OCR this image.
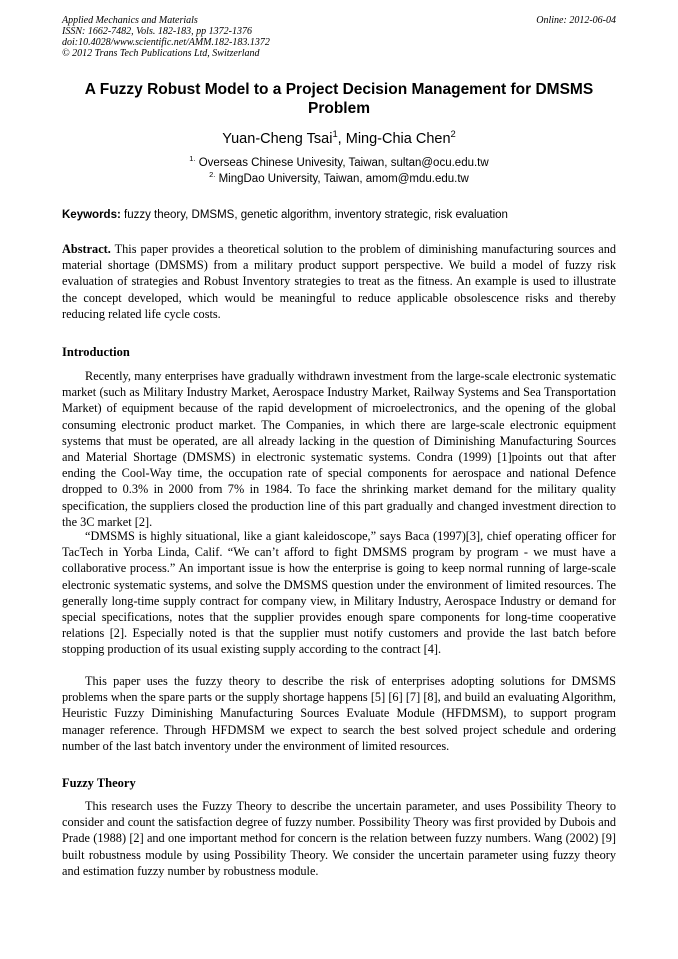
Applied Mechanics and Materials
ISSN: 1662-7482, Vols. 182-183, pp 1372-1376
doi:10.4028/www.scientific.net/AMM.182-183.1372
© 2012 Trans Tech Publications Ltd, Switzerland
Online: 2012-06-04
A Fuzzy Robust Model to a Project Decision Management for DMSMS Problem
Yuan-Cheng Tsai$^1$, Ming-Chia Chen$^2$
$^{1.}$ Overseas Chinese Univesity, Taiwan, sultan@ocu.edu.tw
$^{2.}$ MingDao University, Taiwan, amom@mdu.edu.tw
Keywords: fuzzy theory, DMSMS, genetic algorithm, inventory strategic, risk evaluation
Abstract. This paper provides a theoretical solution to the problem of diminishing manufacturing sources and material shortage (DMSMS) from a military product support perspective. We build a model of fuzzy risk evaluation of strategies and Robust Inventory strategies to treat as the fitness. An example is used to illustrate the concept developed, which would be meaningful to reduce applicable obsolescence risks and thereby reducing related life cycle costs.
Introduction
Recently, many enterprises have gradually withdrawn investment from the large-scale electronic systematic market (such as Military Industry Market, Aerospace Industry Market, Railway Systems and Sea Transportation Market) of equipment because of the rapid development of microelectronics, and the opening of the global consuming electronic product market. The Companies, in which there are large-scale electronic equipment systems that must be operated, are all already lacking in the question of Diminishing Manufacturing Sources and Material Shortage (DMSMS) in electronic systematic systems. Condra (1999) [1]points out that after ending the Cool-Way time, the occupation rate of special components for aerospace and national Defence dropped to 0.3% in 2000 from 7% in 1984. To face the shrinking market demand for the military quality specification, the suppliers closed the production line of this part gradually and changed investment direction to the 3C market [2].
“DMSMS is highly situational, like a giant kaleidoscope,” says Baca (1997)[3], chief operating officer for TacTech in Yorba Linda, Calif. “We can’t afford to fight DMSMS program by program - we must have a collaborative process.” An important issue is how the enterprise is going to keep normal running of large-scale electronic systematic systems, and solve the DMSMS question under the environment of limited resources. The generally long-time supply contract for company view, in Military Industry, Aerospace Industry or demand for special specifications, notes that the supplier provides enough spare components for long-time cooperative relations [2]. Especially noted is that the supplier must notify customers and provide the last batch before stopping production of its usual existing supply according to the contract [4].
This paper uses the fuzzy theory to describe the risk of enterprises adopting solutions for DMSMS problems when the spare parts or the supply shortage happens [5] [6] [7] [8], and build an evaluating Algorithm, Heuristic Fuzzy Diminishing Manufacturing Sources Evaluate Module (HFDMSM), to support program manager reference. Through HFDMSM we expect to search the best solved project schedule and ordering number of the last batch inventory under the environment of limited resources.
Fuzzy Theory
This research uses the Fuzzy Theory to describe the uncertain parameter, and uses Possibility Theory to consider and count the satisfaction degree of fuzzy number. Possibility Theory was first provided by Dubois and Prade (1988) [2] and one important method for concern is the relation between fuzzy numbers. Wang (2002) [9] built robustness module by using Possibility Theory. We consider the uncertain parameter using fuzzy theory and estimation fuzzy number by robustness module.
